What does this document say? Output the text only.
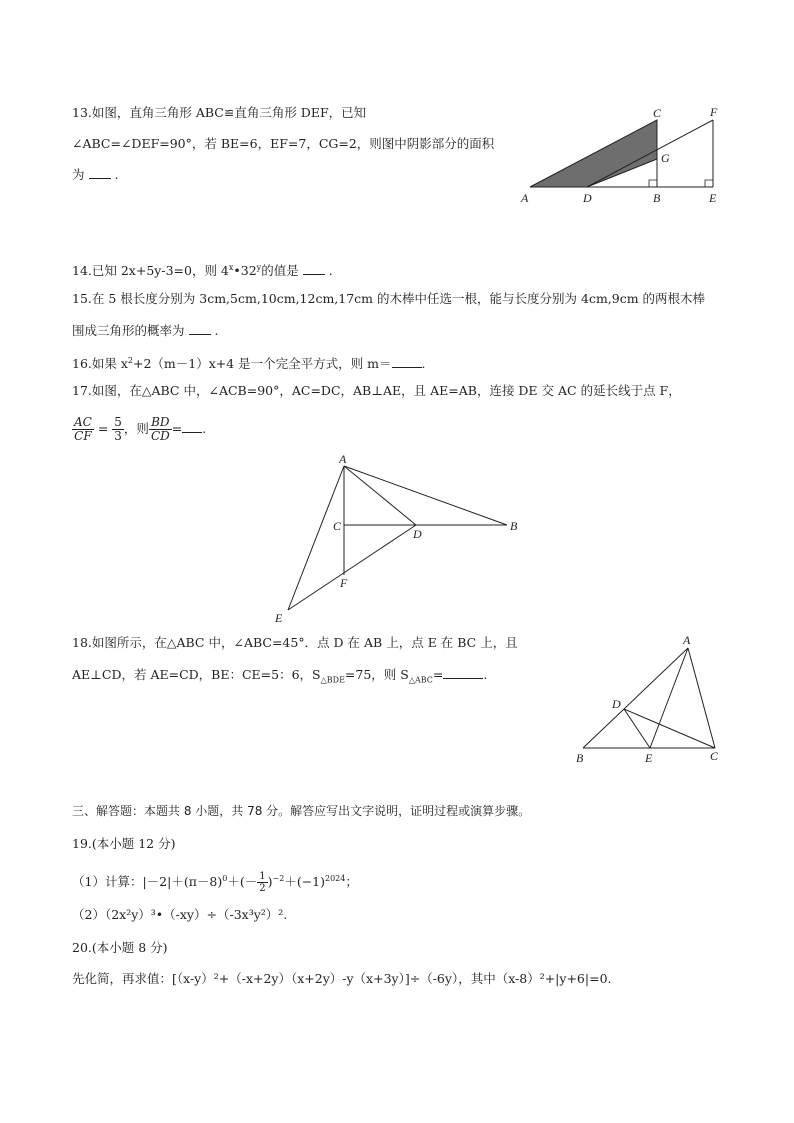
13.如图，直角三角形 ABC≌直角三角形 DEF，已知
∠ABC=∠DEF=90°，若 BE=6，EF=7，CG=2，则图中阴影部分的面积
为 .
A	D	B	E
C	F
G
14.已知 2x+5y-3=0，则 4$^x$•32$^y$的值是 .
15.在 5 根长度分别为 3cm,5cm,10cm,12cm,17cm 的木棒中任选一根，能与长度分别为 4cm,9cm 的两根木棒
围成三角形的概率为 .
16.如果 $x^2+2(m-1)x+4$ 是一个完全平方式，则 m＝ .
17.如图，在△ABC 中，∠ACB=90°，AC=DC，AB⊥AE，且 AE=AB，连接 DE 交 AC 的延长线于点 F，
$\frac{AC}{CF} = \frac{5}{3}$ ，则 $\frac{BD}{CD}$ = .
A
C
D
B
F
E
18.如图所示，在△ABC 中，∠ABC=45°．点 D 在 AB 上，点 E 在 BC 上，且
AE⊥CD，若 AE=CD，BE：CE=5：6，$S_{\triangle BDE}=75$，则 $S_{\triangle ABC}=$	.
A
D
B	E	C
三、解答题：本题共 8 小题，共 78 分。解答应写出文字说明，证明过程或演算步骤。
19.(本小题 12 分)
（1）计算：$|-2|+(\pi-8)^0+(- \frac{1}{2} )^{-2}+(-1)^{2024}$；
（2）（2x²y）³•（-xy）÷（-3x³y²）².
20.(本小题 8 分)
先化简，再求值：[（x-y）²+（-x+2y）（x+2y）-y（x+3y）]÷（-6y），其中（x-8）²+|y+6|=0.
